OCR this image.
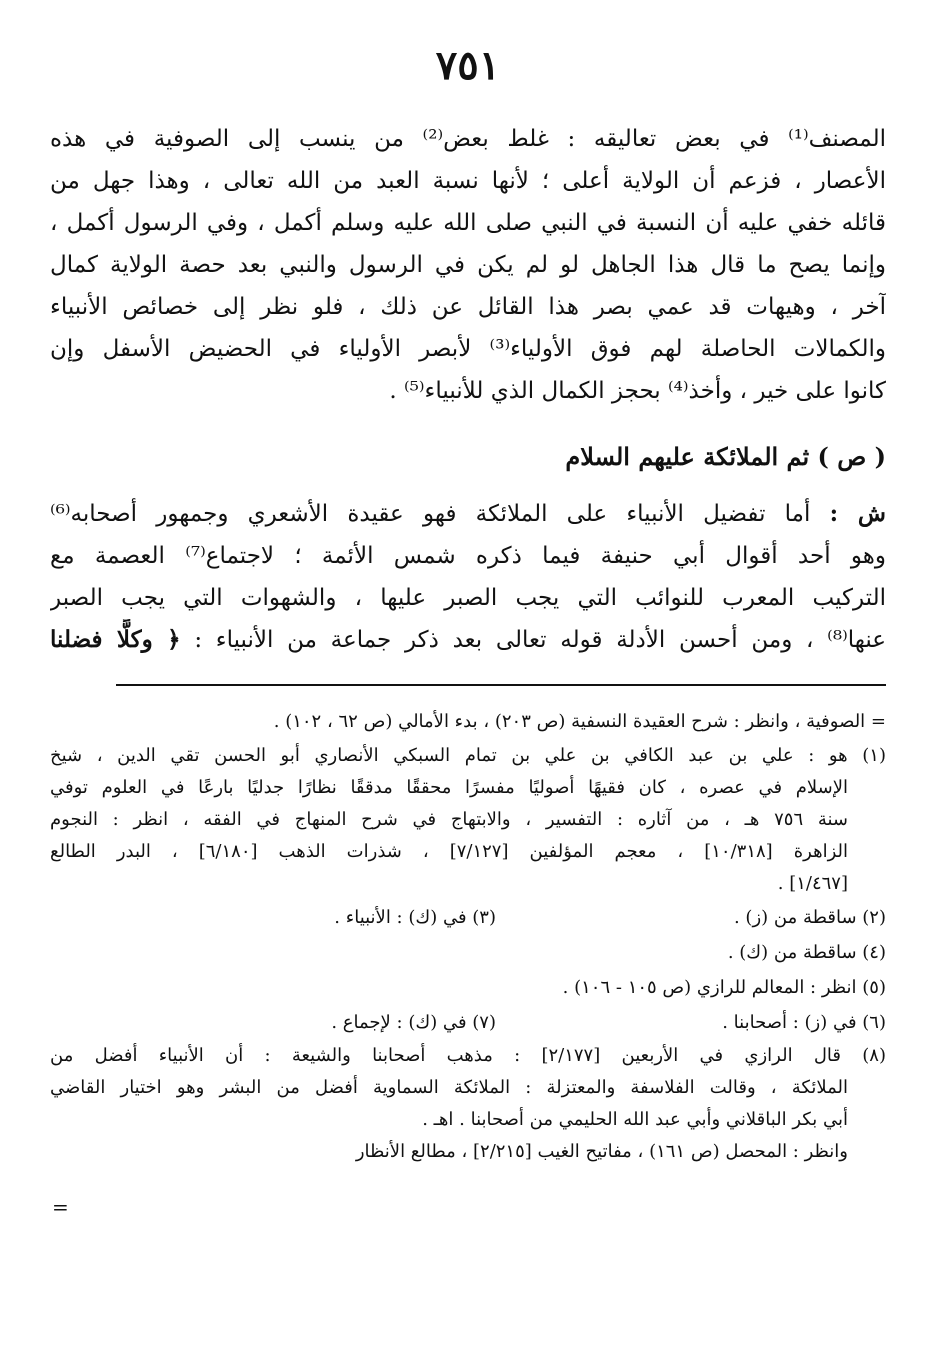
٧٥١
المصنف⁽¹⁾ في بعض تعاليقه : غلط بعض⁽²⁾ من ينسب إلى الصوفية في هذه
الأعصار ، فزعم أن الولاية أعلى ؛ لأنها نسبة العبد من الله تعالى ، وهذا جهل من
قائله خفي عليه أن النسبة في النبي صلى الله عليه وسلم أكمل ، وفي الرسول أكمل ،
وإنما يصح ما قال هذا الجاهل لو لم يكن في الرسول والنبي بعد حصة الولاية كمال
آخر ، وهيهات قد عمي بصر هذا القائل عن ذلك ، فلو نظر إلى خصائص الأنبياء
والكمالات الحاصلة لهم فوق الأولياء⁽³⁾ لأبصر الأولياء في الحضيض الأسفل وإن
كانوا على خير ، وأخذ⁽⁴⁾ بحجز الكمال الذي للأنبياء⁽⁵⁾ .
( ص ) ثم الملائكة عليهم السلام
ش : أما تفضيل الأنبياء على الملائكة فهو عقيدة الأشعري وجمهور أصحابه⁽⁶⁾
وهو أحد أقوال أبي حنيفة فيما ذكره شمس الأئمة ؛ لاجتماع⁽⁷⁾ العصمة مع
التركيب المعرب للنوائب التي يجب الصبر عليها ، والشهوات التي يجب الصبر
عنها⁽⁸⁾ ، ومن أحسن الأدلة قوله تعالى بعد ذكر جماعة من الأنبياء : ﴿ وكلًّا فضلنا
= الصوفية ، وانظر : شرح العقيدة النسفية (ص ٢٠٣) ، بدء الأمالي (ص ٦٢ ، ١٠٢) .
(١) هو : علي بن عبد الكافي بن علي بن تمام السبكي الأنصاري أبو الحسن تقي الدين ، شيخ
الإسلام في عصره ، كان فقيهًا أصوليًا مفسرًا محققًا مدققًا نظارًا جدليًا بارعًا في العلوم توفي
سنة ٧٥٦ هـ ، من آثاره : التفسير ، والابتهاج في شرح المنهاج في الفقه ، انظر : النجوم
الزاهرة [١٠/٣١٨] ، معجم المؤلفين [٧/١٢٧] ، شذرات الذهب [٦/١٨٠] ، البدر الطالع
[١/٤٦٧] .
(٢) ساقطة من (ز) .
(٣) في (ك) : الأنبياء .
(٤) ساقطة من (ك) .
(٥) انظر : المعالم للرازي (ص ١٠٥ - ١٠٦) .
(٦) في (ز) : أصحابنا .
(٧) في (ك) : لإجماع .
(٨) قال الرازي في الأربعين [٢/١٧٧] : مذهب أصحابنا والشيعة : أن الأنبياء أفضل من
الملائكة ، وقالت الفلاسفة والمعتزلة : الملائكة السماوية أفضل من البشر وهو اختيار القاضي
أبي بكر الباقلاني وأبي عبد الله الحليمي من أصحابنا . اهـ .
وانظر : المحصل (ص ١٦١) ، مفاتيح الغيب [٢/٢١٥] ، مطالع الأنظار
=
